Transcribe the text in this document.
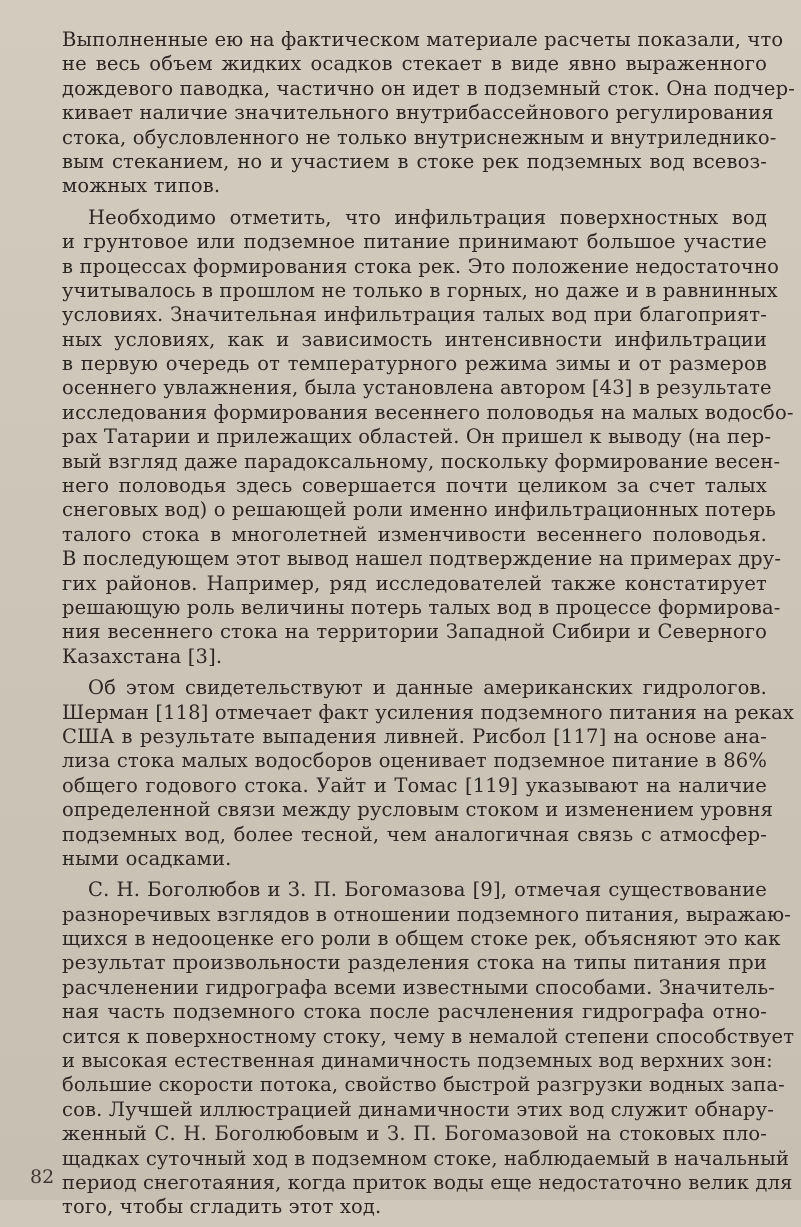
Выполненные ею на фактическом материале расчеты показали, что
не весь объем жидких осадков стекает в виде явно выраженного
дождевого паводка, частично он идет в подземный сток. Она подчер-
кивает наличие значительного внутрибассейнового регулирования
стока, обусловленного не только внутриснежным и внутриледнико-
вым стеканием, но и участием в стоке рек подземных вод всевоз-
можных типов.
Необходимо отметить, что инфильтрация поверхностных вод
и грунтовое или подземное питание принимают большое участие
в процессах формирования стока рек. Это положение недостаточно
учитывалось в прошлом не только в горных, но даже и в равнинных
условиях. Значительная инфильтрация талых вод при благоприят-
ных условиях, как и зависимость интенсивности инфильтрации
в первую очередь от температурного режима зимы и от размеров
осеннего увлажнения, была установлена автором [43] в результате
исследования формирования весеннего половодья на малых водосбо-
рах Татарии и прилежащих областей. Он пришел к выводу (на пер-
вый взгляд даже парадоксальному, поскольку формирование весен-
него половодья здесь совершается почти целиком за счет талых
снеговых вод) о решающей роли именно инфильтрационных потерь
талого стока в многолетней изменчивости весеннего половодья.
В последующем этот вывод нашел подтверждение на примерах дру-
гих районов. Например, ряд исследователей также констатирует
решающую роль величины потерь талых вод в процессе формирова-
ния весеннего стока на территории Западной Сибири и Северного
Казахстана [3].
Об этом свидетельствуют и данные американских гидрологов.
Шерман [118] отмечает факт усиления подземного питания на реках
США в результате выпадения ливней. Рисбол [117] на основе ана-
лиза стока малых водосборов оценивает подземное питание в 86%
общего годового стока. Уайт и Томас [119] указывают на наличие
определенной связи между русловым стоком и изменением уровня
подземных вод, более тесной, чем аналогичная связь с атмосфер-
ными осадками.
С. Н. Боголюбов и З. П. Богомазова [9], отмечая существование
разноречивых взглядов в отношении подземного питания, выражаю-
щихся в недооценке его роли в общем стоке рек, объясняют это как
результат произвольности разделения стока на типы питания при
расчленении гидрографа всеми известными способами. Значитель-
ная часть подземного стока после расчленения гидрографа отно-
сится к поверхностному стоку, чему в немалой степени способствует
и высокая естественная динамичность подземных вод верхних зон:
большие скорости потока, свойство быстрой разгрузки водных запа-
сов. Лучшей иллюстрацией динамичности этих вод служит обнару-
женный С. Н. Боголюбовым и З. П. Богомазовой на стоковых пло-
щадках суточный ход в подземном стоке, наблюдаемый в начальный
период снеготаяния, когда приток воды еще недостаточно велик для
того, чтобы сгладить этот ход.
82
